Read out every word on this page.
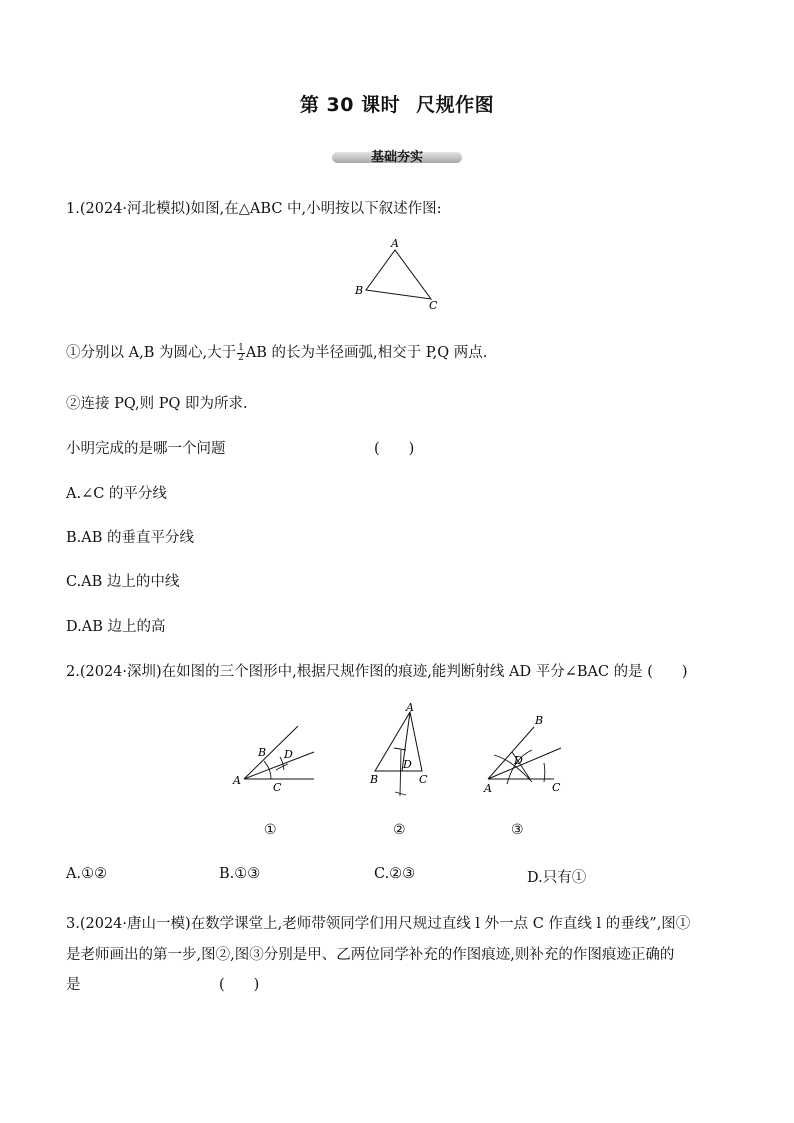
第 30 课时 尺规作图
基础夯实
1.(2024·河北模拟)如图,在△ABC 中,小明按以下叙述作图:
A
B
C
①分别以 A,B 为圆心,大于 $\frac{1}{2}$ AB 的长为半径画弧,相交于 P,Q 两点.
②连接 PQ,则 PQ 即为所求.
小明完成的是哪一个问题	(　　)
A.∠C 的平分线
B.AB 的垂直平分线
C.AB 边上的中线
D.AB 边上的高
2.(2024·深圳)在如图的三个图形中,根据尺规作图的痕迹,能判断射线 AD 平分∠BAC 的是 (　　)
A
B D
C
A
D
B	C
B
D
A	C
①	②	③
A.①②	B.①③	C.②③	D.只有①
3.(2024·唐山一模)在数学课堂上,老师带领同学们用尺规过直线 l 外一点 C 作直线 l 的垂线”,图①
是老师画出的第一步,图②,图③分别是甲、乙两位同学补充的作图痕迹,则补充的作图痕迹正确的
是	(　　)
